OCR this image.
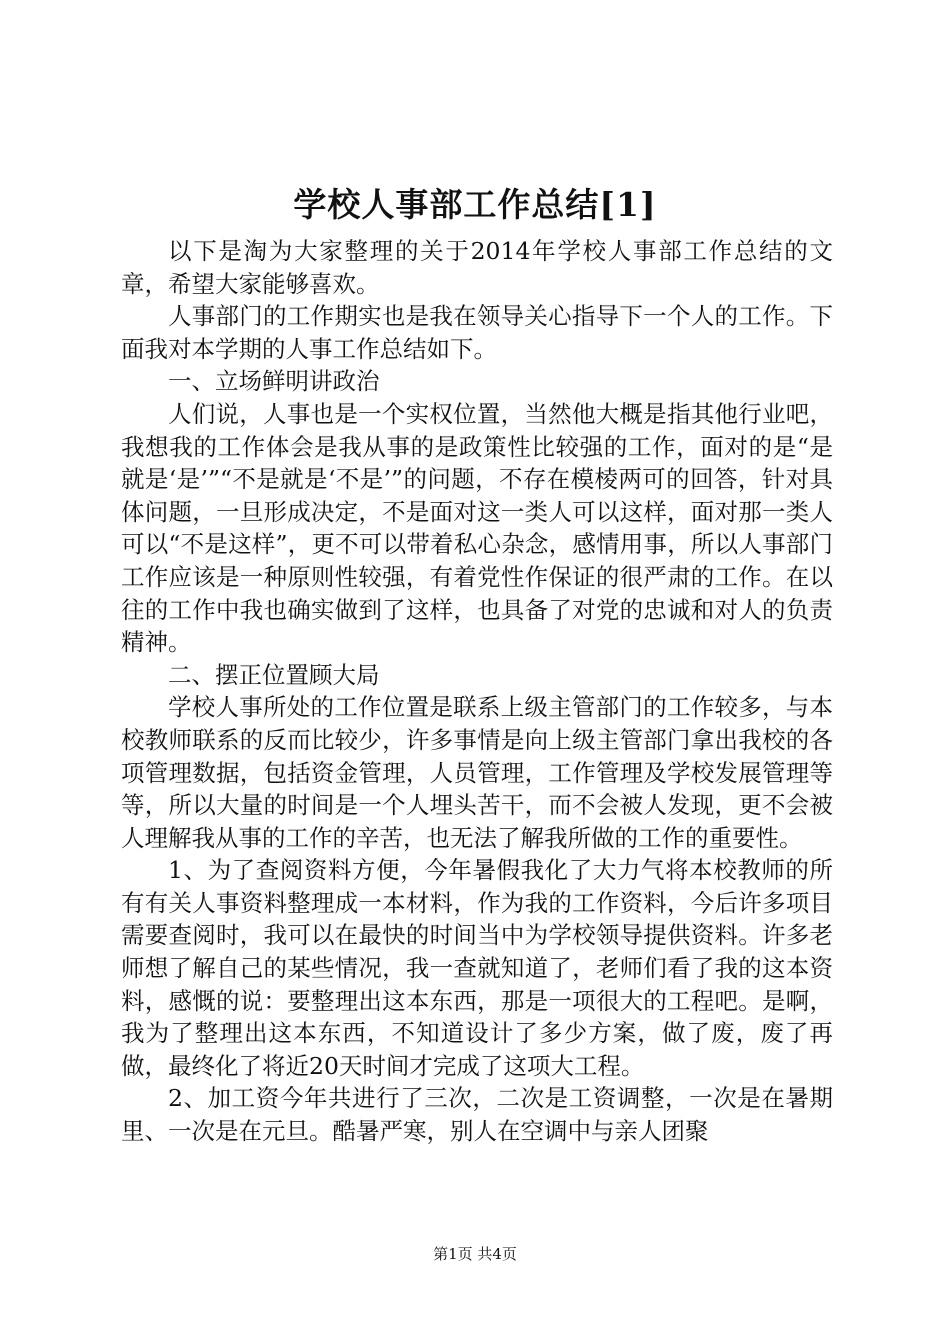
学校人事部工作总结[1]

以下是淘为大家整理的关于2014年学校人事部工作总结的文章，希望大家能够喜欢。

人事部门的工作期实也是我在领导关心指导下一个人的工作。下面我对本学期的人事工作总结如下。

一、立场鲜明讲政治

人们说，人事也是一个实权位置，当然他大概是指其他行业吧，我想我的工作体会是我从事的是政策性比较强的工作，面对的是“是就是‘是’”“不是就是‘不是’”的问题，不存在模棱两可的回答，针对具体问题，一旦形成决定，不是面对这一类人可以这样，面对那一类人可以“不是这样”，更不可以带着私心杂念，感情用事，所以人事部门工作应该是一种原则性较强，有着党性作保证的很严肃的工作。在以往的工作中我也确实做到了这样，也具备了对党的忠诚和对人的负责精神。

二、摆正位置顾大局

学校人事所处的工作位置是联系上级主管部门的工作较多，与本校教师联系的反而比较少，许多事情是向上级主管部门拿出我校的各项管理数据，包括资金管理，人员管理，工作管理及学校发展管理等等，所以大量的时间是一个人埋头苦干，而不会被人发现，更不会被人理解我从事的工作的辛苦，也无法了解我所做的工作的重要性。

1、为了查阅资料方便，今年暑假我化了大力气将本校教师的所有有关人事资料整理成一本材料，作为我的工作资料，今后许多项目需要查阅时，我可以在最快的时间当中为学校领导提供资料。许多老师想了解自己的某些情况，我一查就知道了，老师们看了我的这本资料，感慨的说：要整理出这本东西，那是一项很大的工程吧。是啊，我为了整理出这本东西，不知道设计了多少方案，做了废，废了再做，最终化了将近20天时间才完成了这项大工程。

2、加工资今年共进行了三次，二次是工资调整，一次是在暑期里、一次是在元旦。酷暑严寒，别人在空调中与亲人团聚

第1页 共4页
